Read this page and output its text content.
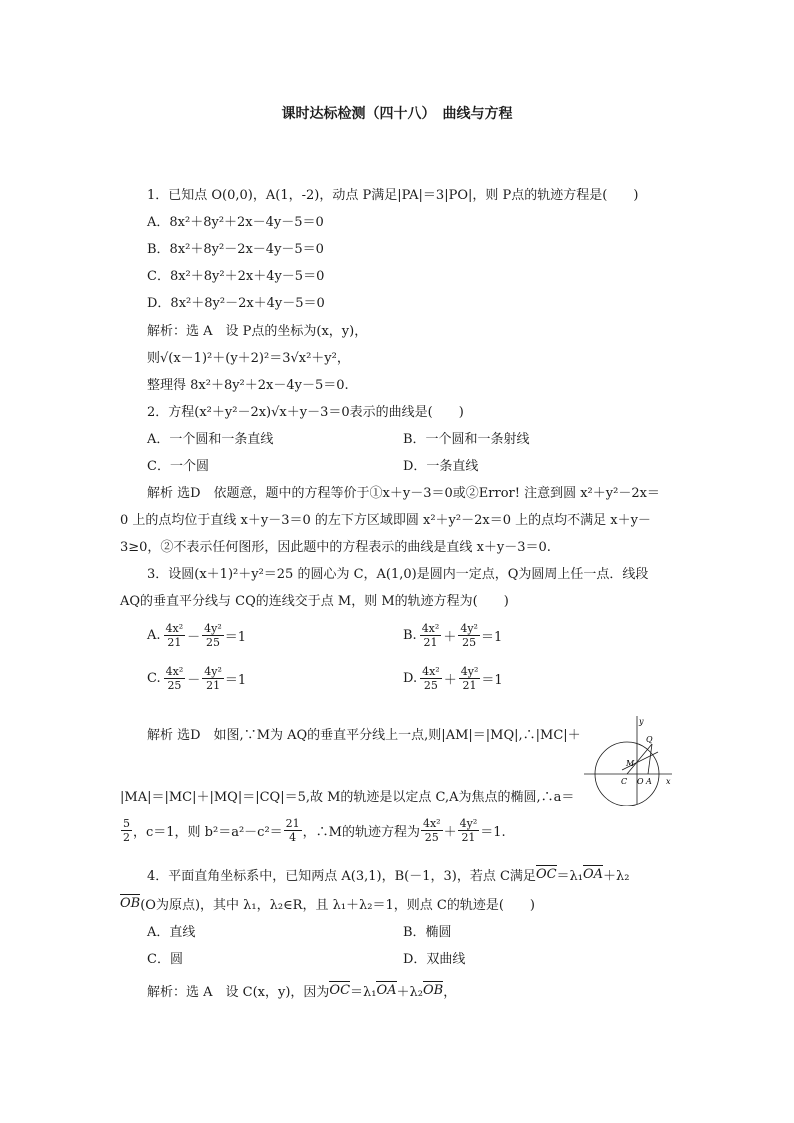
课时达标检测（四十八）　曲线与方程
1．已知点 O(0,0)，A(1，-2)，动点 P满足|PA|＝3|PO|，则 P点的轨迹方程是(　　)
A．8x²＋8y²＋2x－4y－5＝0
B．8x²＋8y²－2x－4y－5＝0
C．8x²＋8y²＋2x＋4y－5＝0
D．8x²＋8y²－2x＋4y－5＝0
解析：选 A　设 P点的坐标为(x，y)，
则√(x－1)²＋(y＋2)²＝3√x²＋y²，
整理得 8x²＋8y²＋2x－4y－5＝0.
2．方程(x²＋y²－2x)√x＋y－3＝0表示的曲线是(　　)
A．一个圆和一条直线	B．一个圆和一条射线
C．一个圆	D．一条直线
解析 选D　依题意，题中的方程等价于①x＋y－3＝0或②Error! 注意到圆 x²＋y²－2x＝
0 上的点均位于直线 x＋y－3＝0 的左下方区域即圆 x²＋y²－2x＝0 上的点均不满足 x＋y－
3≥0，②不表示任何图形，因此题中的方程表示的曲线是直线 x＋y－3＝0.
3．设圆(x＋1)²＋y²＝25 的圆心为 C，A(1,0)是圆内一定点，Q为圆周上任一点．线段
AQ的垂直平分线与 CQ的连线交于点 M，则 M的轨迹方程为(　　)
A. $\frac{\text{4x²}}{21} - \frac{\text{4y²}}{25} =1$	B. $\frac{\text{4x²}}{21} + \frac{\text{4y²}}{25} =1$
C. $\frac{\text{4x²}}{25} - \frac{\text{4y²}}{21} =1$	D. $\frac{\text{4x²}}{25} + \frac{\text{4y²}}{21} =1$
解析 选D　如图,∵M为 AQ的垂直平分线上一点,则|AM|＝|MQ|,∴|MC|＋
|MA|＝|MC|＋|MQ|＝|CQ|＝5,故 M的轨迹是以定点 C,A为焦点的椭圆,∴a＝
$\frac{5}{2}$ ，c＝1，则 $b^2=a^2-c^2= \frac{21}{4}$ ，∴M的轨迹方程为 $\frac{\text{4x²}}{25} + \frac{\text{4y²}}{21} =1$.
y
x
Q
M
C O A
4．平面直角坐标系中，已知两点 A(3,1)，B(－1，3)，若点 C满足 OC ＝λ₁ OA ＋λ₂
OB (O为原点)，其中 λ₁，λ₂∈R，且 λ₁＋λ₂＝1，则点 C的轨迹是(　　)
A．直线	B．椭圆
C．圆	D．双曲线
解析：选 A　设 C(x，y)，因为 OC ＝λ₁ OA ＋λ₂ OB ，
